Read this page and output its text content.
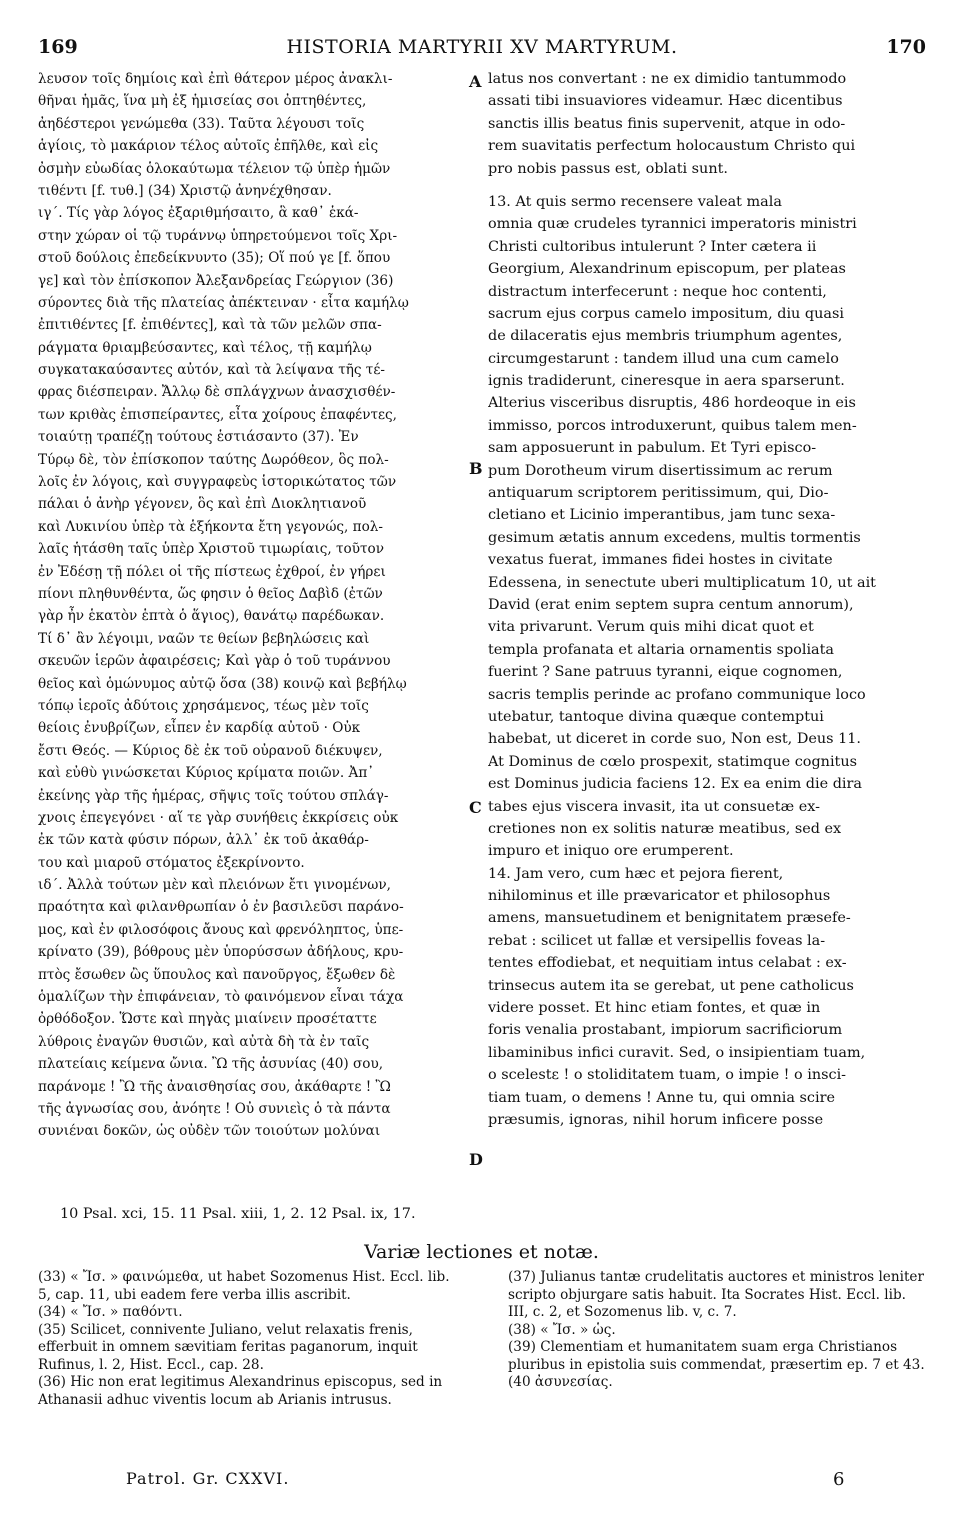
169	HISTORIA MARTYRII XV MARTYRUM.	170
λευσον τοῖς δημίοις καὶ ἐπὶ θάτερον μέρος ἀνακλι-
θῆναι ἡμᾶς, ἵνα μὴ ἐξ ἡμισείας σοι ὀπτηθέντες,
ἀηδέστεροι γενώμεθα (33). Ταῦτα λέγουσι τοῖς
ἁγίοις, τὸ μακάριον τέλος αὐτοῖς ἐπῆλθε, καὶ εἰς
ὀσμὴν εὐωδίας ὁλοκαύτωμα τέλειον τῷ ὑπὲρ ἡμῶν
τιθέντι [f. τυθ.] (34) Χριστῷ ἀνηνέχθησαν.
ιγ΄. Τίς γὰρ λόγος ἐξαριθμήσαιτο, ἃ καθ᾽ ἑκά-
στην χώραν οἱ τῷ τυράννῳ ὑπηρετούμενοι τοῖς Χρι-
στοῦ δούλοις ἐπεδείκνυντο (35); Οἵ πού γε [f. ὅπου
γε] καὶ τὸν ἐπίσκοπον Ἀλεξανδρείας Γεώργιον (36)
σύροντες διὰ τῆς πλατείας ἀπέκτειναν · εἶτα καμήλῳ
ἐπιτιθέντες [f. ἐπιθέντες], καὶ τὰ τῶν μελῶν σπα-
ράγματα θριαμβεύσαντες, καὶ τέλος, τῇ καμήλῳ
συγκατακαύσαντες αὐτόν, καὶ τὰ λείψανα τῆς τέ-
φρας διέσπειραν. Ἄλλῳ δὲ σπλάγχνων ἀνασχισθέν-
των κριθὰς ἐπισπείραντες, εἶτα χοίρους ἐπαφέντες,
τοιαύτῃ τραπέζῃ τούτους ἑστιάσαντο (37). Ἐν
Τύρῳ δὲ, τὸν ἐπίσκοπον ταύτης Δωρόθεον, ὃς πολ-
λοῖς ἐν λόγοις, καὶ συγγραφεὺς ἱστορικώτατος τῶν
πάλαι ὁ ἀνὴρ γέγονεν, ὃς καὶ ἐπὶ Διοκλητιανοῦ
καὶ Λυκινίου ὑπὲρ τὰ ἑξήκοντα ἔτη γεγονώς, πολ-
λαῖς ἡτάσθη ταῖς ὑπὲρ Χριστοῦ τιμωρίαις, τοῦτον
ἐν Ἐδέσῃ τῇ πόλει οἱ τῆς πίστεως ἐχθροί, ἐν γήρει
πίονι πληθυνθέντα, ὥς φησιν ὁ θεῖος Δαβὶδ (ἐτῶν
γὰρ ἦν ἑκατὸν ἑπτὰ ὁ ἅγιος), θανάτῳ παρέδωκαν.
Τί δ᾽ ἂν λέγοιμι, ναῶν τε θείων βεβηλώσεις καὶ
σκευῶν ἱερῶν ἀφαιρέσεις; Καὶ γὰρ ὁ τοῦ τυράννου
θεῖος καὶ ὁμώνυμος αὐτῷ ὅσα (38) κοινῷ καὶ βεβήλῳ
τόπῳ ἱεροῖς ἀδύτοις χρησάμενος, τέως μὲν τοῖς
θείοις ἐνυβρίζων, εἶπεν ἐν καρδίᾳ αὐτοῦ · Οὐκ
ἔστι Θεός. — Κύριος δὲ ἐκ τοῦ οὐρανοῦ διέκυψεν,
καὶ εὐθὺ γινώσκεται Κύριος κρίματα ποιῶν. Ἀπ᾽
ἐκείνης γὰρ τῆς ἡμέρας, σῆψις τοῖς τούτου σπλάγ-
χνοις ἐπεγεγόνει · αἵ τε γὰρ συνήθεις ἐκκρίσεις οὐκ
ἐκ τῶν κατὰ φύσιν πόρων, ἀλλ᾽ ἐκ τοῦ ἀκαθάρ-
του καὶ μιαροῦ στόματος ἐξεκρίνοντο.
ιδ΄. Ἀλλὰ τούτων μὲν καὶ πλειόνων ἔτι γινομένων,
πραότητα καὶ φιλανθρωπίαν ὁ ἐν βασιλεῦσι παράνο-
μος, καὶ ἐν φιλοσόφοις ἄνους καὶ φρενόληπτος, ὑπε-
κρίνατο (39), βόθρους μὲν ὑπορύσσων ἀδήλους, κρυ-
πτὸς ἔσωθεν ὢς ὕπουλος καὶ πανοῦργος, ἔξωθεν δὲ
ὁμαλίζων τὴν ἐπιφάνειαν, τὸ φαινόμενον εἶναι τάχα
ὀρθόδοξον. Ὥστε καὶ πηγὰς μιαίνειν προσέταττε
λύθροις ἐναγῶν θυσιῶν, καὶ αὐτὰ δὴ τὰ ἐν ταῖς
πλατείαις κείμενα ὤνια. Ὢ τῆς ἀσυνίας (40) σου,
παράνομε ! Ὢ τῆς ἀναισθησίας σου, ἀκάθαρτε ! Ὢ
τῆς ἀγνωσίας σου, ἀνόητε ! Οὐ συνιεὶς ὁ τὰ πάντα
συνιέναι δοκῶν, ὡς οὐδὲν τῶν τοιούτων μολύναι
latus nos convertant : ne ex dimidio tantummodo
assati tibi insuaviores videamur. Hæc dicentibus
sanctis illis beatus finis supervenit, atque in odo-
rem suavitatis perfectum holocaustum Christo qui
pro nobis passus est, oblati sunt.
13. At quis sermo recensere valeat mala
omnia quæ crudeles tyrannici imperatoris ministri
Christi cultoribus intulerunt ? Inter cætera ii
Georgium, Alexandrinum episcopum, per plateas
distractum interfecerunt : neque hoc contenti,
sacrum ejus corpus camelo impositum, diu quasi
de dilaceratis ejus membris triumphum agentes,
circumgestarunt : tandem illud una cum camelo
ignis tradiderunt, cineresque in aera sparserunt.
Alterius visceribus disruptis, 486 hordeoque in eis
immisso, porcos introduxerunt, quibus talem men-
sam apposuerunt in pabulum. Et Tyri episco-
pum Dorotheum virum disertissimum ac rerum
antiquarum scriptorem peritissimum, qui, Dio-
cletiano et Licinio imperantibus, jam tunc sexa-
gesimum ætatis annum excedens, multis tormentis
vexatus fuerat, immanes fidei hostes in civitate
Edessena, in senectute uberi multiplicatum 10, ut ait
David (erat enim septem supra centum annorum),
vita privarunt. Verum quis mihi dicat quot et
templa profanata et altaria ornamentis spoliata
fuerint ? Sane patruus tyranni, eique cognomen,
sacris templis perinde ac profano communique loco
utebatur, tantoque divina quæque contemptui
habebat, ut diceret in corde suo, Non est, Deus 11.
At Dominus de cœlo prospexit, statimque cognitus
est Dominus judicia faciens 12. Ex ea enim die dira
tabes ejus viscera invasit, ita ut consuetæ ex-
cretiones non ex solitis naturæ meatibus, sed ex
impuro et iniquo ore erumperent.
14. Jam vero, cum hæc et pejora fierent,
nihilominus et ille prævaricator et philosophus
amens, mansuetudinem et benignitatem præsefe-
rebat : scilicet ut fallæ et versipellis foveas la-
tentes effodiebat, et nequitiam intus celabat : ex-
trinsecus autem ita se gerebat, ut pene catholicus
videre posset. Et hinc etiam fontes, et quæ in
foris venalia prostabant, impiorum sacrificiorum
libaminibus infici curavit. Sed, o insipientiam tuam,
o scelestε ! o stoliditatem tuam, o impie ! o insci-
tiam tuam, o demens ! Anne tu, qui omnia scire
præsumis, ignoras, nihil horum inficere posse
A
B
C
D
10 Psal. xci, 15. 11 Psal. xiii, 1, 2. 12 Psal. ix, 17.
Variæ lectiones et notæ.

(33) « Ἴσ. » φαινώμεθα, ut habet Sozomenus Hist. Eccl. lib. 5, cap. 11, ubi eadem fere verba illis ascribit.

(34) « Ἴσ. » παθόντι.

(35) Scilicet, connivente Juliano, velut relaxatis frenis, efferbuit in omnem sævitiam feritas paganorum, inquit Rufinus, l. 2, Hist. Eccl., cap. 28.

(36) Hic non erat legitimus Alexandrinus episcopus, sed in Athanasii adhuc viventis locum ab Arianis intrusus.

(37) Julianus tantæ crudelitatis auctores et ministros leniter scripto objurgare satis habuit. Ita Socrates Hist. Eccl. lib. III, c. 2, et Sozomenus lib. v, c. 7.

(38) « Ἴσ. » ὡς.

(39) Clementiam et humanitatem suam erga Christianos pluribus in epistolia suis commendat, præsertim ep. 7 et 43.

(40 ἀσυνεσίας.

Patrol. Gr. CXXVI.	6
